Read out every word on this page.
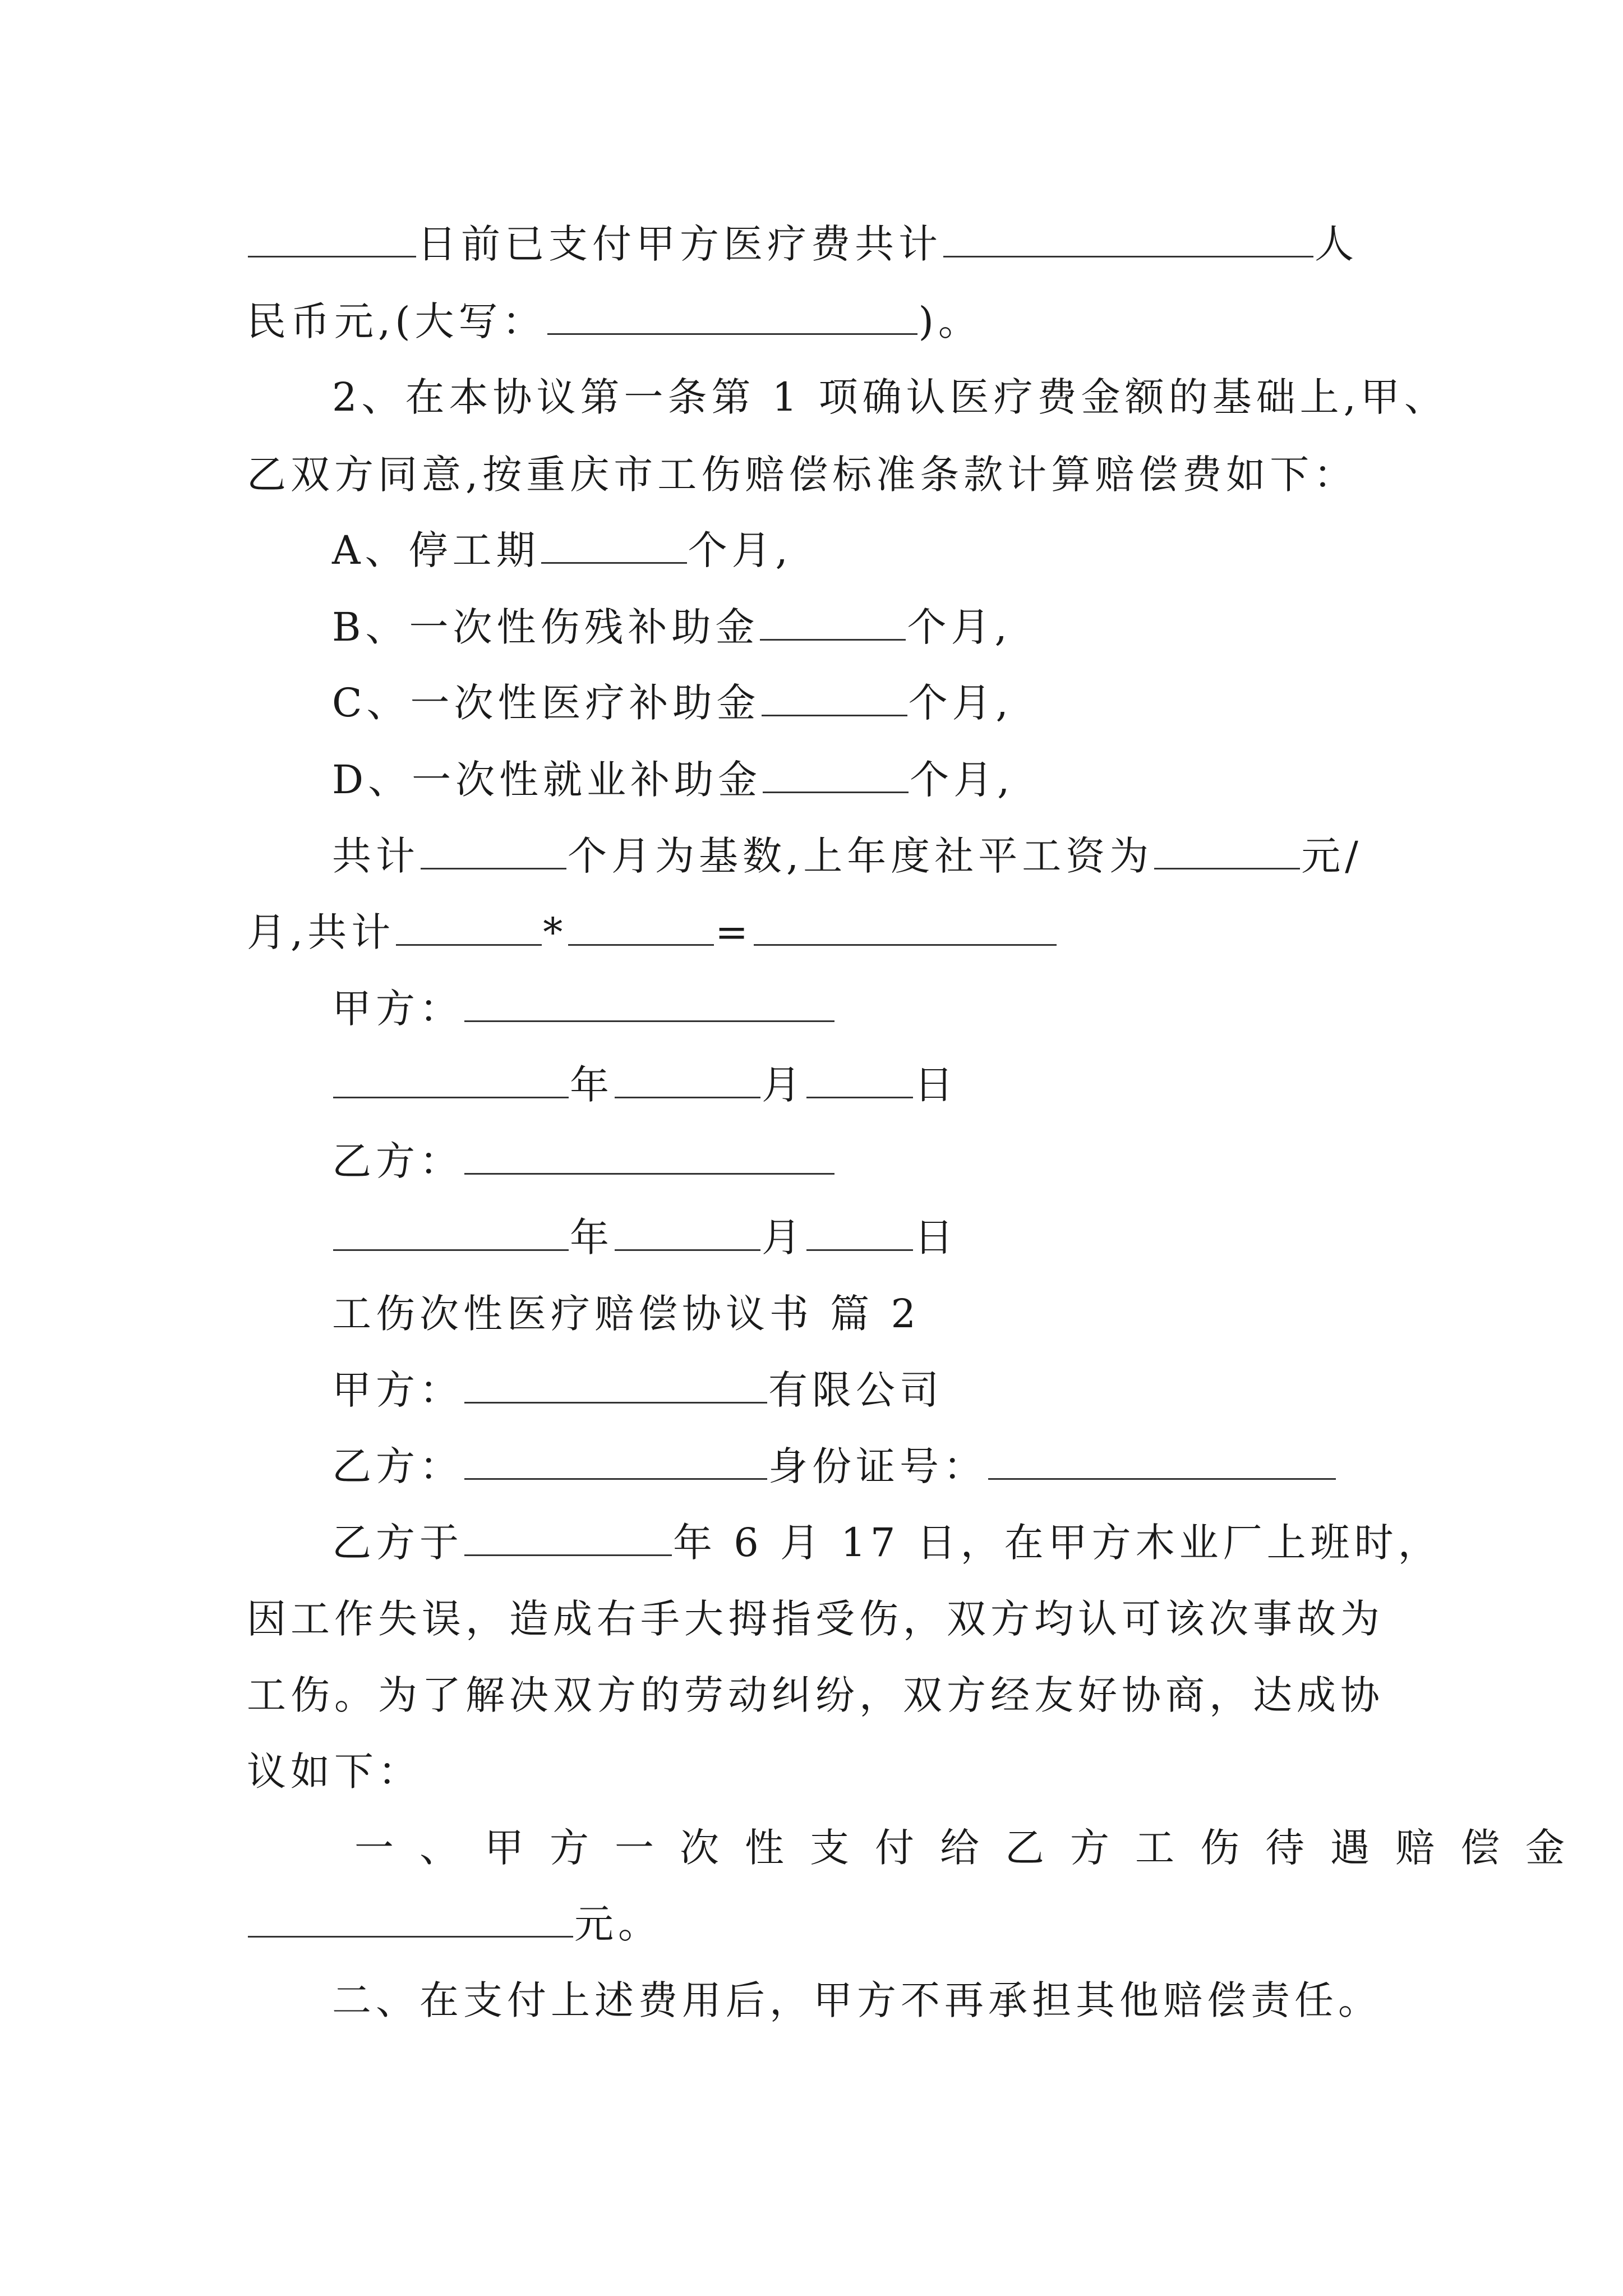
日前已支付甲方医疗费共计	人
民币元,(大写：	)。
2、在本协议第一条第 1 项确认医疗费金额的基础上,甲、
乙双方同意,按重庆市工伤赔偿标准条款计算赔偿费如下：
A、停工期	个月,
B、一次性伤残补助金	个月,
C、一次性医疗补助金	个月,
D、一次性就业补助金	个月,
共计	个月为基数,上年度社平工资为	元/
月,共计	*	=
甲方：
年	月	日
乙方：
年	月	日
工伤次性医疗赔偿协议书 篇 2
甲方：	有限公司
乙方：	身份证号：
乙方于	年 6 月 17 日，在甲方木业厂上班时，
因工作失误，造成右手大拇指受伤，双方均认可该次事故为
工伤。为了解决双方的劳动纠纷，双方经友好协商，达成协
议如下：
一、甲方一次性支付给乙方工伤待遇赔偿金
元。
二、在支付上述费用后，甲方不再承担其他赔偿责任。
